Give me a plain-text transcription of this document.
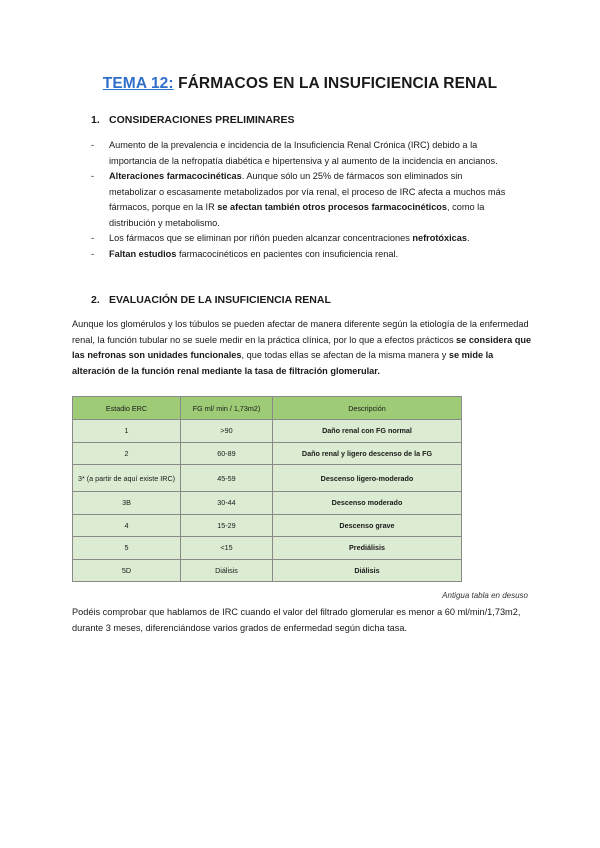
TEMA 12: FÁRMACOS EN LA INSUFICIENCIA RENAL
1. CONSIDERACIONES PRELIMINARES
- Aumento de la prevalencia e incidencia de la Insuficiencia Renal Crónica (IRC) debido a la importancia de la nefropatía diabética e hipertensiva y al aumento de la incidencia en ancianos.
- Alteraciones farmacocinéticas. Aunque sólo un 25% de fármacos son eliminados sin metabolizar o escasamente metabolizados por vía renal, el proceso de IRC afecta a muchos más fármacos, porque en la IR se afectan también otros procesos farmacocinéticos, como la distribución y metabolismo.
- Los fármacos que se eliminan por riñón pueden alcanzar concentraciones nefrotóxicas.
- Faltan estudios farmacocinéticos en pacientes con insuficiencia renal.
2. EVALUACIÓN DE LA INSUFICIENCIA RENAL
Aunque los glomérulos y los túbulos se pueden afectar de manera diferente según la etiología de la enfermedad renal, la función tubular no se suele medir en la práctica clínica, por lo que a efectos prácticos se considera que las nefronas son unidades funcionales, que todas ellas se afectan de la misma manera y se mide la alteración de la función renal mediante la tasa de filtración glomerular.
Estadio ERC	FG ml/ min / 1,73m2)	Descripción
1	>90	Daño renal con FG normal
2	60-89	Daño renal y ligero descenso de la FG
3* (a partir de aquí existe IRC)	45-59	Descenso ligero-moderado
3B	30-44	Descenso moderado
4	15-29	Descenso grave
5	<15	Prediálisis
5D	Diálisis	Diálisis
Antigua tabla en desuso
Podéis comprobar que hablamos de IRC cuando el valor del filtrado glomerular es menor a 60 ml/min/1,73m2, durante 3 meses, diferenciándose varios grados de enfermedad según dicha tasa.
